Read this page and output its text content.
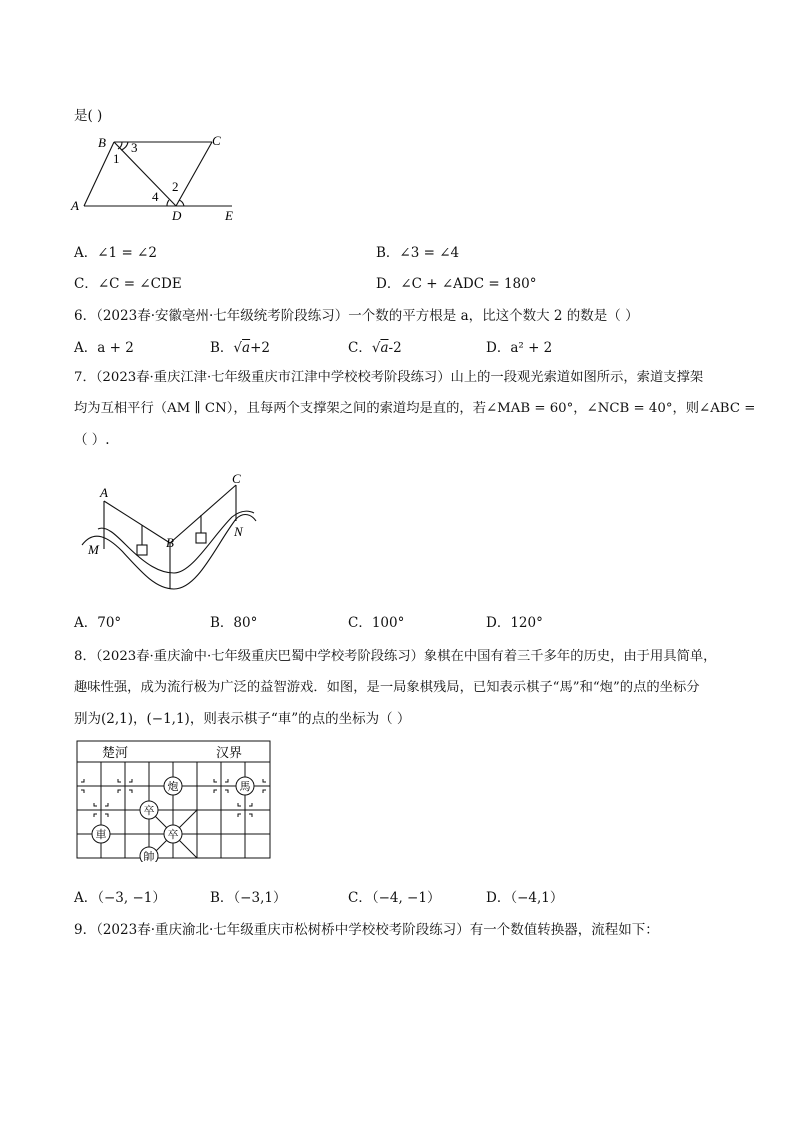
是( )
B	C
A
D	E
1
3
4
2
A．∠1 = ∠2	B．∠3 = ∠4
C．∠C = ∠CDE	D．∠C + ∠ADC = 180°
6．（2023春·安徽亳州·七年级统考阶段练习）一个数的平方根是 a，比这个数大 2 的数是（ ）
A．a + 2	B．√a+2	C．√a-2	D．a² + 2
7．（2023春·重庆江津·七年级重庆市江津中学校校考阶段练习）山上的一段观光索道如图所示，索道支撑架
均为互相平行（AM ∥ CN），且每两个支撑架之间的索道均是直的，若∠MAB = 60°，∠NCB = 40°，则∠ABC =
（ ）.
A
C
B
M
N
A．70°	B．80°	C．100°	D．120°
8．（2023春·重庆渝中·七年级重庆巴蜀中学校考阶段练习）象棋在中国有着三千多年的历史，由于用具简单，
趣味性强，成为流行极为广泛的益智游戏．如图，是一局象棋残局，已知表示棋子“馬”和“炮”的点的坐标分
别为(2,1)，(−1,1)，则表示棋子“車”的点的坐标为（ ）
楚河	汉界
炮	馬
卒
卒
車
帥
A．（−3, −1）	B．（−3,1）	C．（−4, −1）	D．（−4,1）
9．（2023春·重庆渝北·七年级重庆市松树桥中学校校考阶段练习）有一个数值转换器，流程如下：
